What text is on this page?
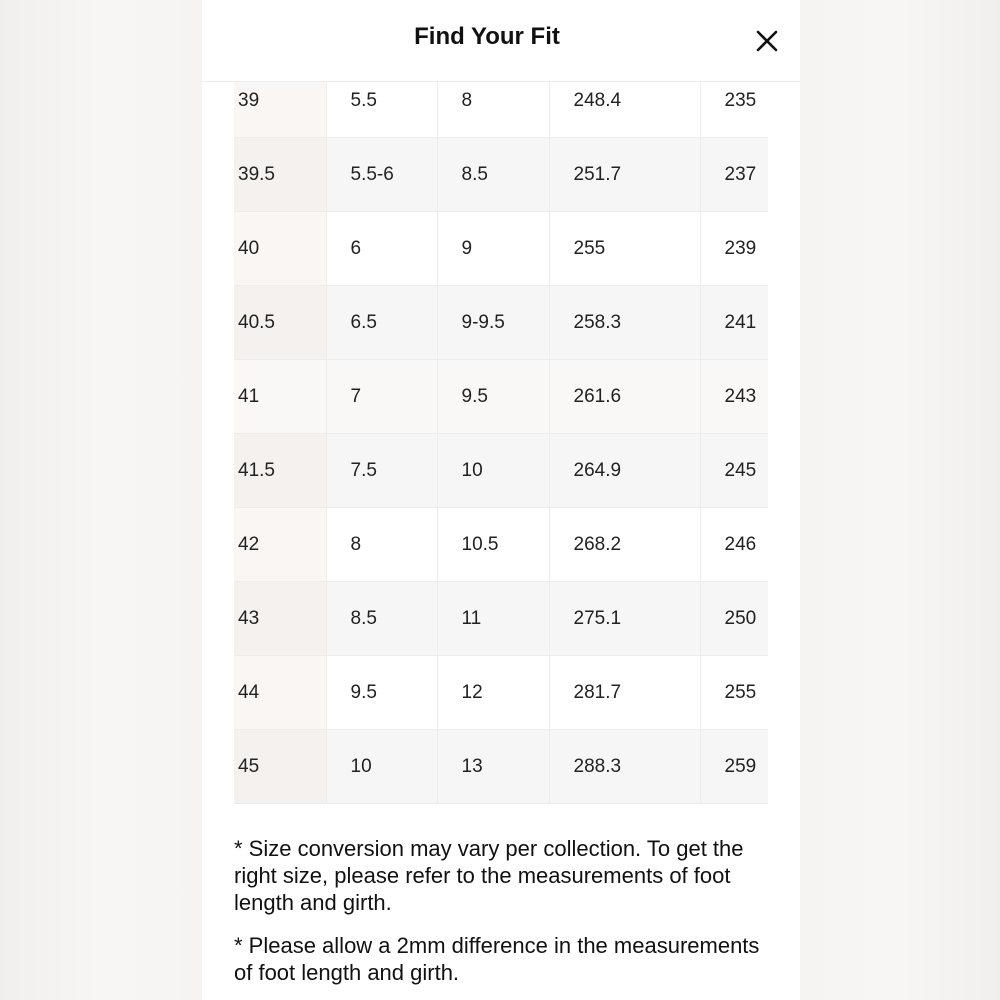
39	5.5	8	248.4	235
39.5	5.5-6	8.5	251.7	237
40	6	9	255	239
40.5	6.5	9-9.5	258.3	241
41	7	9.5	261.6	243
41.5	7.5	10	264.9	245
42	8	10.5	268.2	246
43	8.5	11	275.1	250
44	9.5	12	281.7	255
45	10	13	288.3	259
Find Your Fit

* Size conversion may vary per collection. To get the right size, please refer to the measurements of foot length and girth.

* Please allow a 2mm difference in the measurements of foot length and girth.
